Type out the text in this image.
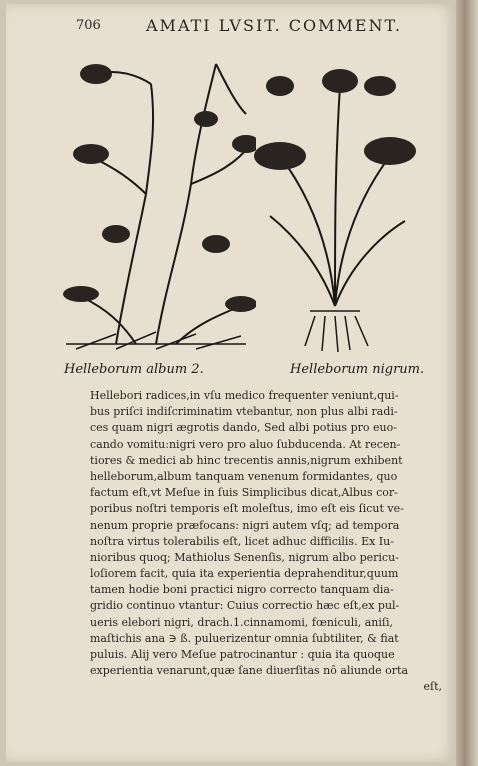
706	AMATI LVSIT. COMMENT.
Helleborum album 2.	Helleborum nigrum.
Hellebori radices,in vſu medico frequenter veniunt,qui-
bus priſci indiſcriminatim vtebantur, non plus albi radi-
ces quam nigri ægrotis dando, Sed albi potius pro euo-
cando vomitu:nigri vero pro aluo ſubducenda. At recen-
tiores & medici ab hinc trecentis annis,nigrum exhibent
helleborum,album tanquam venenum formidantes, quo
factum eſt,vt Meſue in ſuis Simplicibus dicat,Albus cor-
poribus noſtri temporis eſt moleſtus, imo eſt eis ſicut ve-
nenum proprie præfocans: nigri autem vſq; ad tempora
noſtra virtus tolerabilis eſt, licet adhuc difficilis. Ex Iu-
nioribus quoq; Mathiolus Senenſis, nigrum albo pericu-
loſiorem facit, quia ita experientia deprahenditur,quum
tamen hodie boni practici nigro correcto tanquam dia-
gridio continuo vtantur: Cuius correctio hæc eſt,ex pul-
ueris elebori nigri, drach.1.cinnamomi, fœniculi, aniſi,
maſtichis ana ∋ ß. puluerizentur omnia ſubtiliter, & fiat
puluis. Alij vero Meſue patrocinantur : quia ita quoque
experientia venarunt,quæ ſane diuerſitas nō aliunde orta
eſt,
